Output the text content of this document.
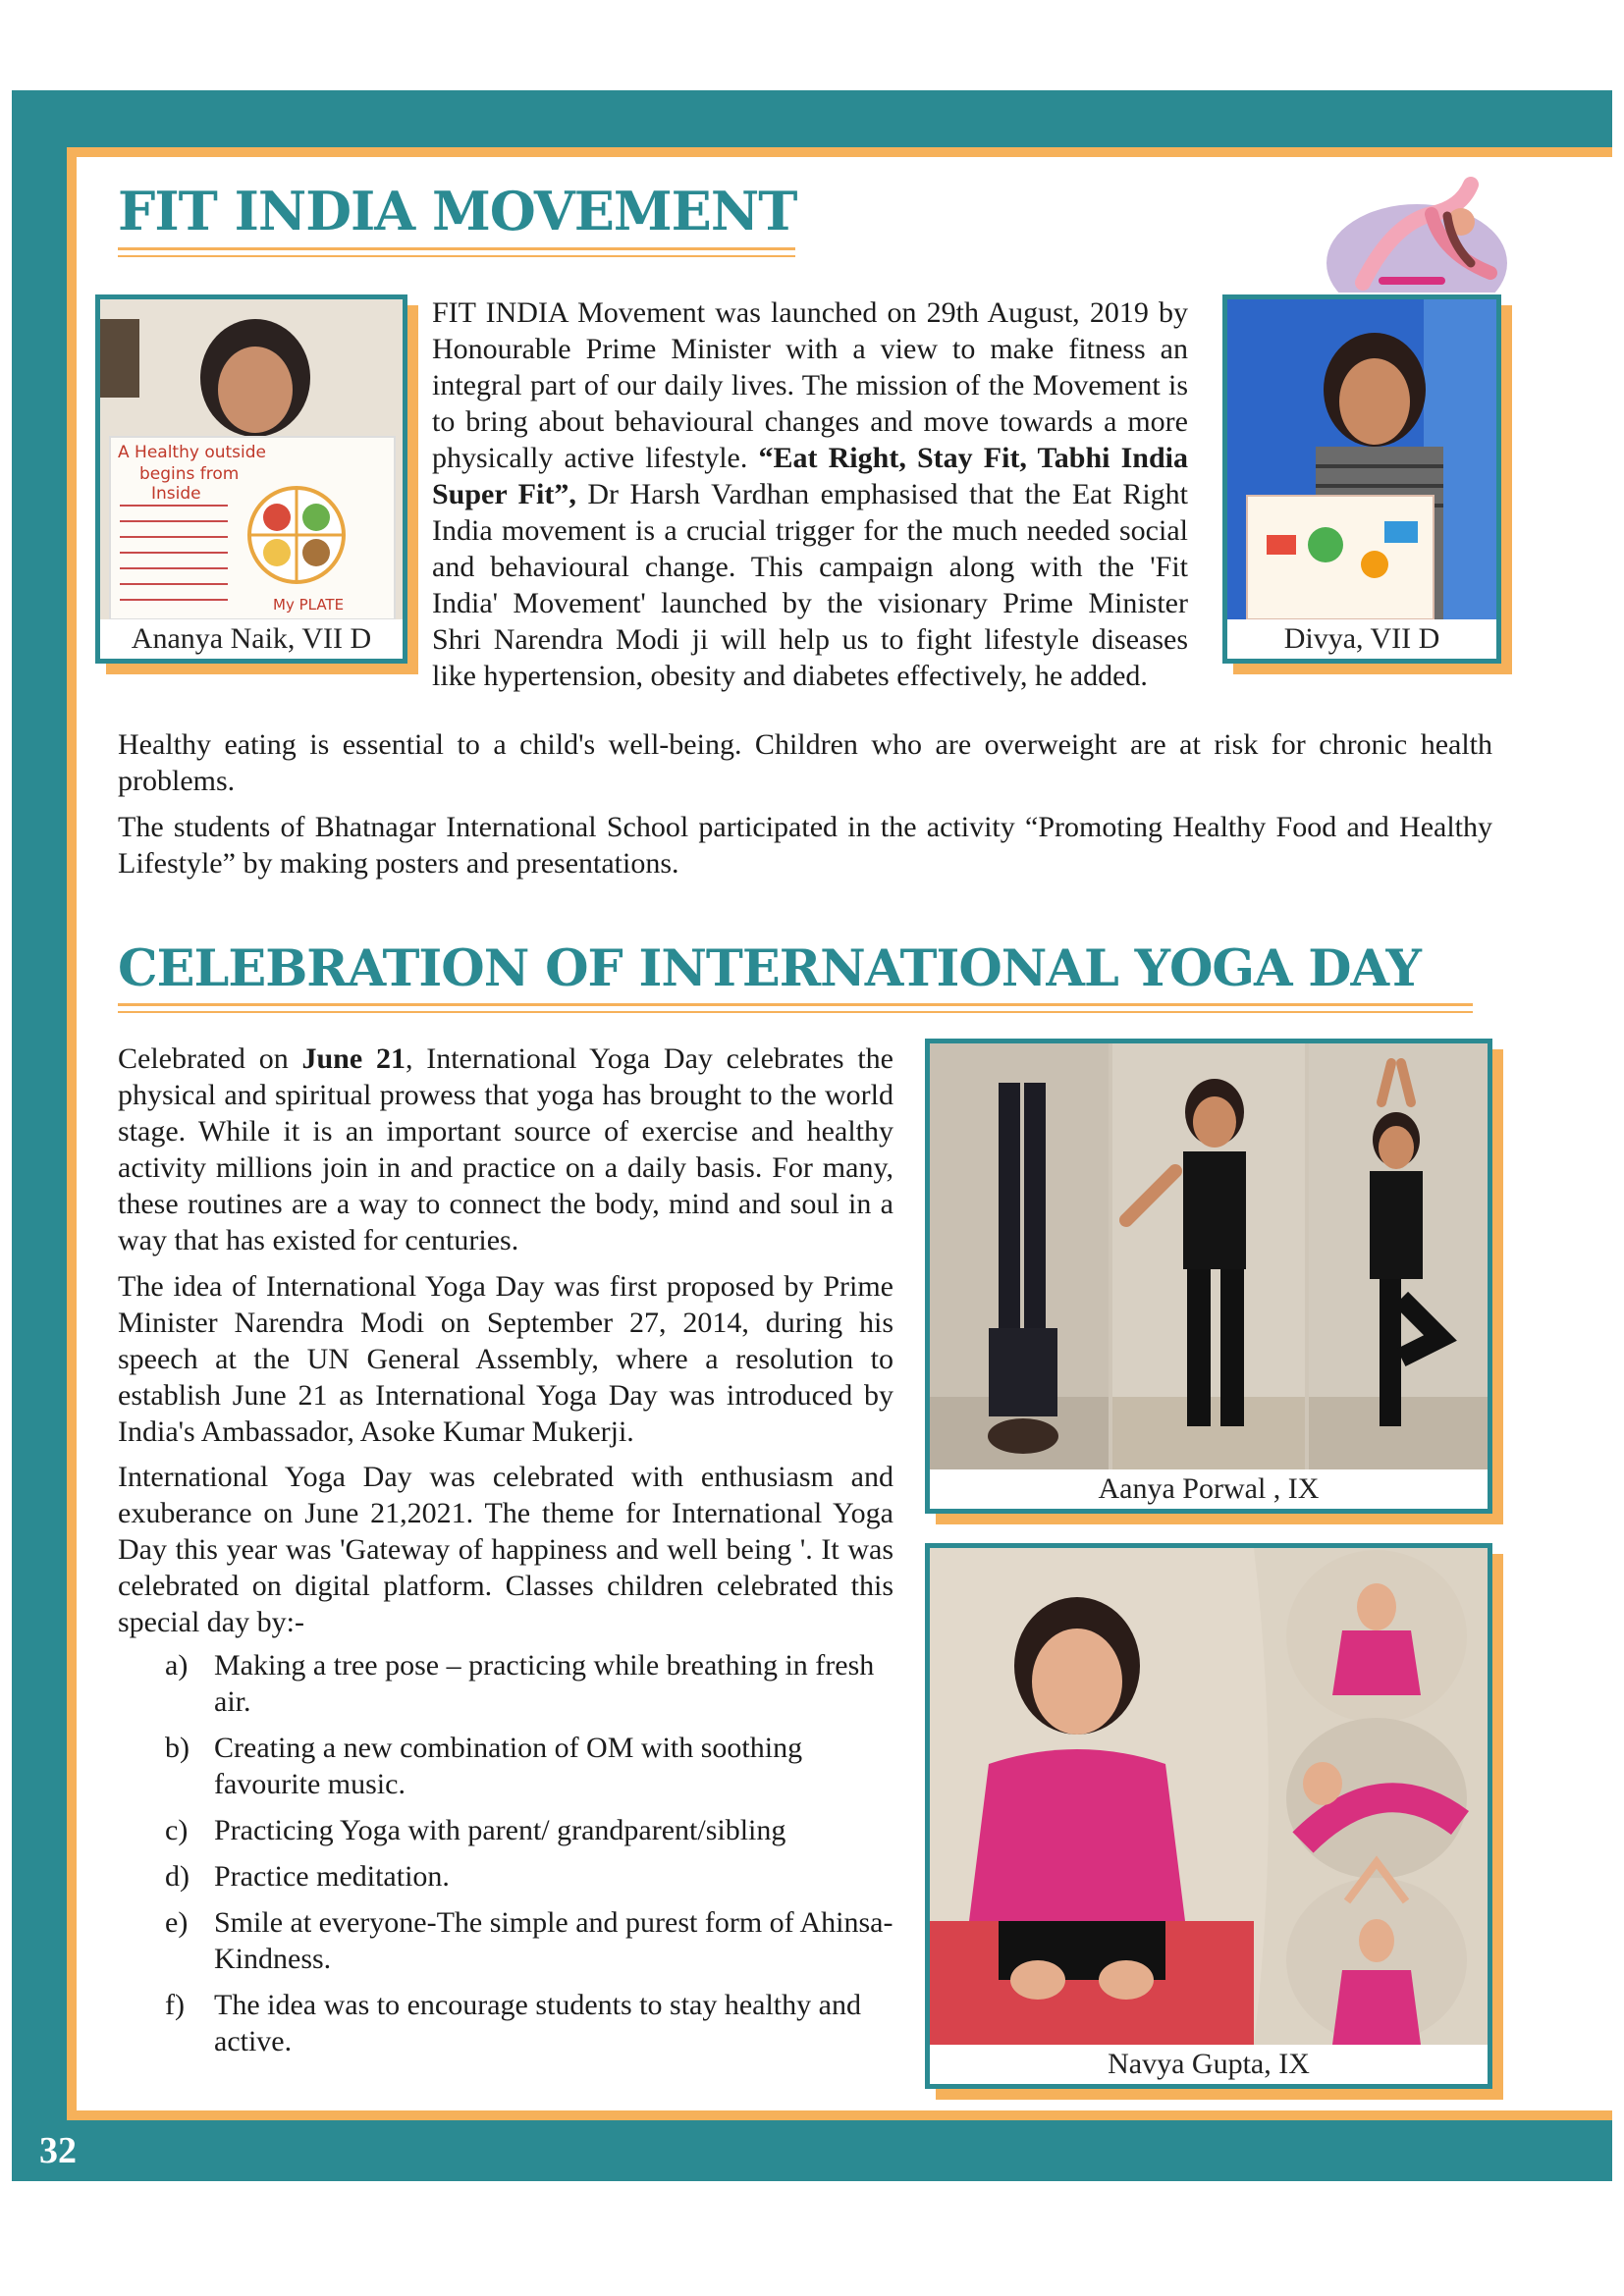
32
FIT INDIA MOVEMENT
A Healthy outside
begins from
Inside
My PLATE
Ananya Naik, VII D

FIT INDIA Movement was launched on 29th August, 2019 by Honourable Prime Minister with a view to make fitness an integral part of our daily lives. The mission of the Movement is to bring about behavioural changes and move towards a more physically active lifestyle. “Eat Right, Stay Fit, Tabhi India Super Fit”, Dr Harsh Vardhan emphasised that the Eat Right India movement is a crucial trigger for the much needed social and behavioural change. This campaign along with the 'Fit India' Movement' launched by the visionary Prime Minister Shri Narendra Modi ji will help us to fight lifestyle diseases like hypertension, obesity and diabetes effectively, he added.

Divya, VII D

Healthy eating is essential to a child's well-being. Children who are overweight are at risk for chronic health problems.

The students of Bhatnagar International School participated in the activity “Promoting Healthy Food and Healthy Lifestyle” by making posters and presentations.

CELEBRATION OF INTERNATIONAL YOGA DAY

Celebrated on June 21, International Yoga Day celebrates the physical and spiritual prowess that yoga has brought to the world stage. While it is an important source of exercise and healthy activity millions join in and practice on a daily basis. For many, these routines are a way to connect the body, mind and soul in a way that has existed for centuries.

The idea of International Yoga Day was first proposed by Prime Minister Narendra Modi on September 27, 2014, during his speech at the UN General Assembly, where a resolution to establish June 21 as International Yoga Day was introduced by India's Ambassador, Asoke Kumar Mukerji.

International Yoga Day was celebrated with enthusiasm and exuberance on June 21,2021. The theme for International Yoga Day this year was 'Gateway of happiness and well being '. It was celebrated on digital platform. Classes children celebrated this special day by:-

a) Making a tree pose – practicing while breathing in fresh air.
b) Creating a new combination of OM with soothing favourite music.
c) Practicing Yoga with parent/ grandparent/sibling
d) Practice meditation.
e) Smile at everyone-The simple and purest form of Ahinsa-Kindness.
f) The idea was to encourage students to stay healthy and active.
Aanya Porwal , IX
Navya Gupta, IX
